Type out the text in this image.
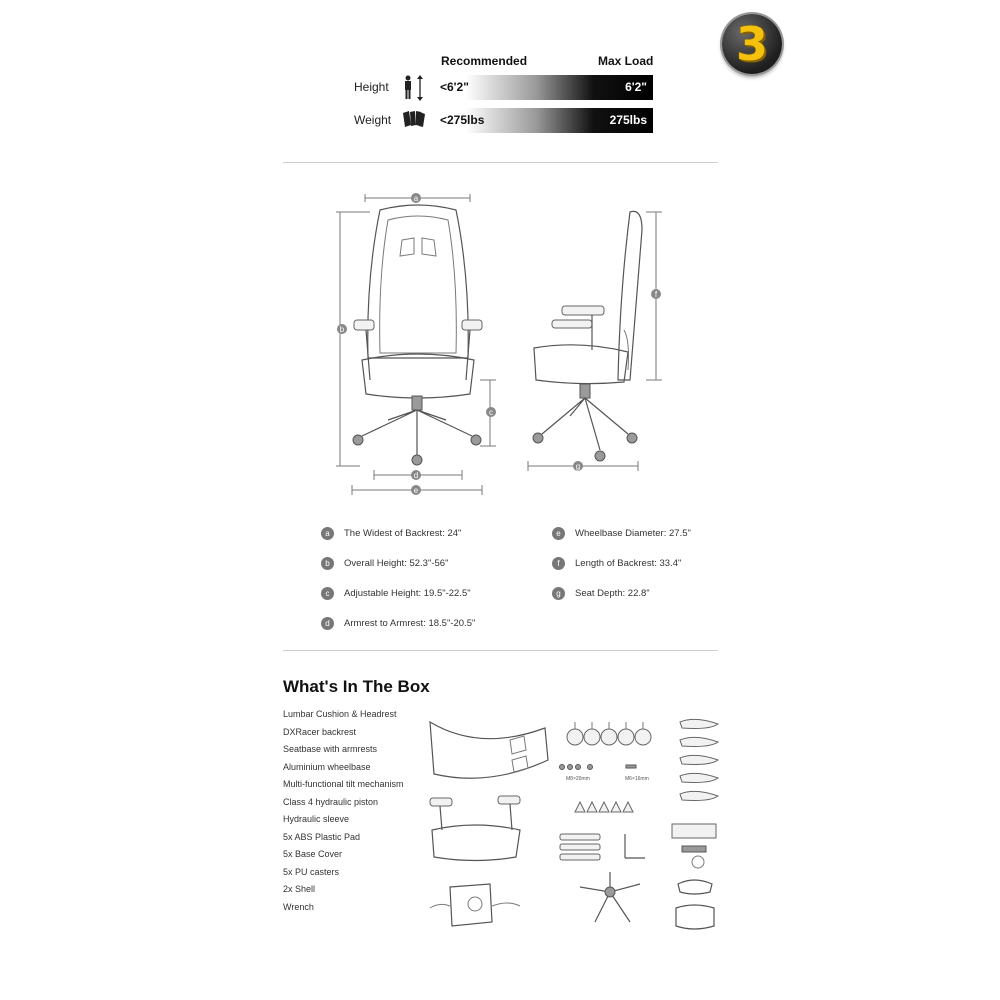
Recommended	Max Load
Height	<6'2"	6'2"
Weight	<275lbs	275lbs
3
a
b
c
d
e
f
g
a	The Widest of Backrest: 24"
b	Overall Height: 52.3"-56"
c	Adjustable Height: 19.5"-22.5"
d	Armrest to Armrest: 18.5"-20.5"
e	Wheelbase Diameter: 27.5"
f	Length of Backrest: 33.4"
g	Seat Depth: 22.8"
What's In The Box
Lumbar Cushion & Headrest
DXRacer backrest
Seatbase with armrests
Aluminium wheelbase
Multi-functional tilt mechanism
Class 4 hydraulic piston
Hydraulic sleeve
5x ABS Plastic Pad
5x Base Cover
5x PU casters
2x Shell
Wrench
M8×20mm	M6×16mm
